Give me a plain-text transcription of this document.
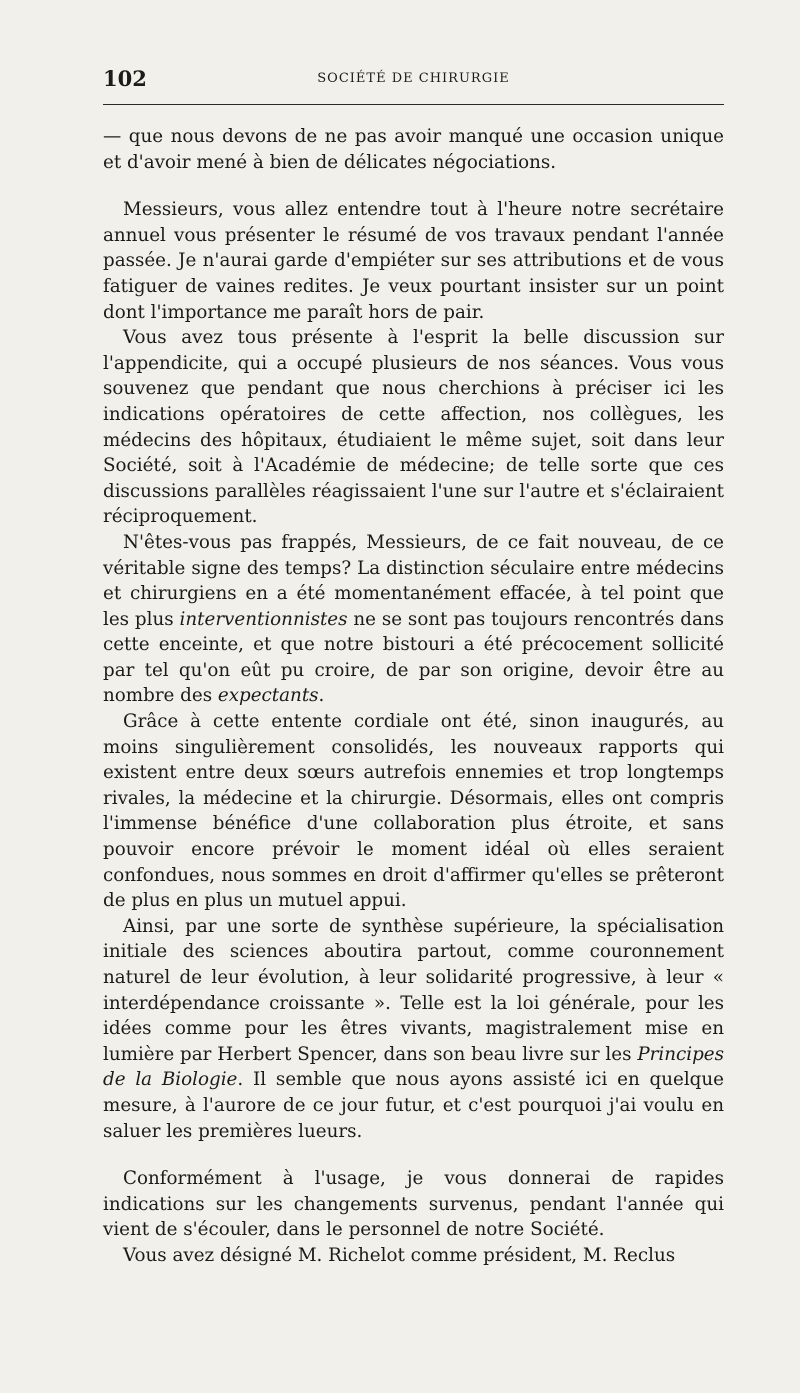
102	SOCIÉTÉ DE CHIRURGIE

— que nous devons de ne pas avoir manqué une occasion unique et d'avoir mené à bien de délicates négociations.

Messieurs, vous allez entendre tout à l'heure notre secrétaire annuel vous présenter le résumé de vos travaux pendant l'année passée. Je n'aurai garde d'empiéter sur ses attributions et de vous fatiguer de vaines redites. Je veux pourtant insister sur un point dont l'importance me paraît hors de pair.

Vous avez tous présente à l'esprit la belle discussion sur l'appendicite, qui a occupé plusieurs de nos séances. Vous vous souvenez que pendant que nous cherchions à préciser ici les indications opératoires de cette affection, nos collègues, les médecins des hôpitaux, étudiaient le même sujet, soit dans leur Société, soit à l'Académie de médecine; de telle sorte que ces discussions parallèles réagissaient l'une sur l'autre et s'éclairaient réciproquement.

N'êtes-vous pas frappés, Messieurs, de ce fait nouveau, de ce véritable signe des temps? La distinction séculaire entre médecins et chirurgiens en a été momentanément effacée, à tel point que les plus interventionnistes ne se sont pas toujours rencontrés dans cette enceinte, et que notre bistouri a été précocement sollicité par tel qu'on eût pu croire, de par son origine, devoir être au nombre des expectants.

Grâce à cette entente cordiale ont été, sinon inaugurés, au moins singulièrement consolidés, les nouveaux rapports qui existent entre deux sœurs autrefois ennemies et trop longtemps rivales, la médecine et la chirurgie. Désormais, elles ont compris l'immense bénéfice d'une collaboration plus étroite, et sans pouvoir encore prévoir le moment idéal où elles seraient confondues, nous sommes en droit d'affirmer qu'elles se prêteront de plus en plus un mutuel appui.

Ainsi, par une sorte de synthèse supérieure, la spécialisation initiale des sciences aboutira partout, comme couronnement naturel de leur évolution, à leur solidarité progressive, à leur « interdépendance croissante ». Telle est la loi générale, pour les idées comme pour les êtres vivants, magistralement mise en lumière par Herbert Spencer, dans son beau livre sur les Principes de la Biologie. Il semble que nous ayons assisté ici en quelque mesure, à l'aurore de ce jour futur, et c'est pourquoi j'ai voulu en saluer les premières lueurs.

Conformément à l'usage, je vous donnerai de rapides indications sur les changements survenus, pendant l'année qui vient de s'écouler, dans le personnel de notre Société.

Vous avez désigné M. Richelot comme président, M. Reclus
